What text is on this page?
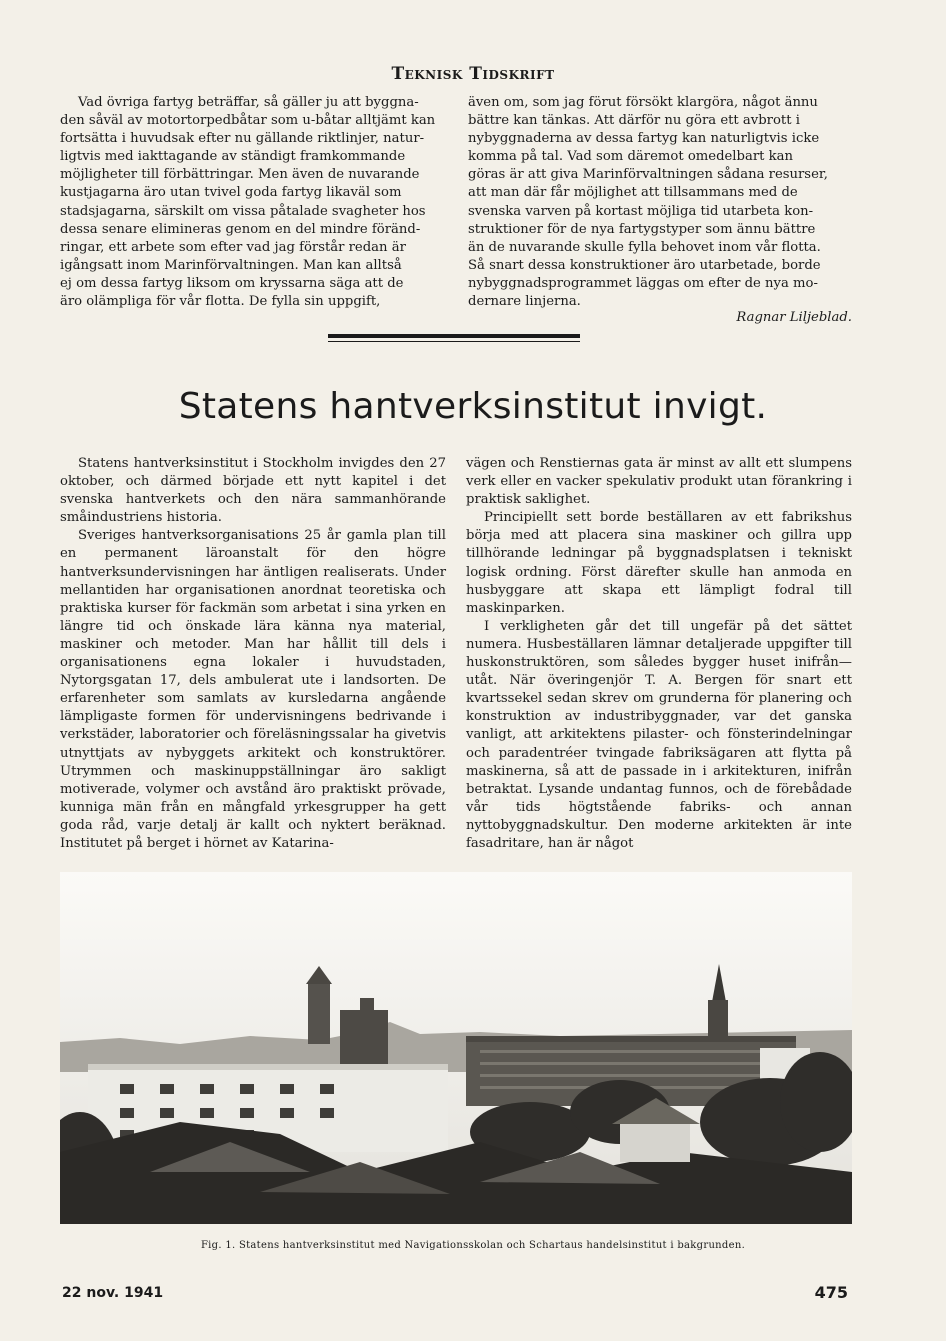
Teknisk Tidskrift
Vad övriga fartyg beträffar, så gäller ju att byggna-
den såväl av motortorpedbåtar som u-båtar alltjämt kan
fortsätta i huvudsak efter nu gällande riktlinjer, natur-
ligtvis med iakttagande av ständigt framkommande
möjligheter till förbättringar. Men även de nuvarande
kustjagarna äro utan tvivel goda fartyg likaväl som
stadsjagarna, särskilt om vissa påtalade svagheter hos
dessa senare elimineras genom en del mindre föränd-
ringar, ett arbete som efter vad jag förstår redan är
igångsatt inom Marinförvaltningen. Man kan alltså
ej om dessa fartyg liksom om kryssarna säga att de
äro olämpliga för vår flotta. De fylla sin uppgift,
även om, som jag förut försökt klargöra, något ännu
bättre kan tänkas. Att därför nu göra ett avbrott i
nybyggnaderna av dessa fartyg kan naturligtvis icke
komma på tal. Vad som däremot omedelbart kan
göras är att giva Marinförvaltningen sådana resurser,
att man där får möjlighet att tillsammans med de
svenska varven på kortast möjliga tid utarbeta kon-
struktioner för de nya fartygstyper som ännu bättre
än de nuvarande skulle fylla behovet inom vår flotta.
Så snart dessa konstruktioner äro utarbetade, borde
nybyggnadsprogrammet läggas om efter de nya mo-
dernare linjerna.
Ragnar Liljeblad.
Statens hantverksinstitut invigt.

Statens hantverksinstitut i Stockholm invigdes den 27 oktober, och därmed började ett nytt kapitel i det svenska hantverkets och den nära sammanhörande småindustriens historia.

Sveriges hantverksorganisations 25 år gamla plan till en permanent läroanstalt för den högre hantverksundervisningen har äntligen realiserats. Under mellantiden har organisationen anordnat teoretiska och praktiska kurser för fackmän som arbetat i sina yrken en längre tid och önskade lära känna nya material, maskiner och metoder. Man har hållit till dels i organisationens egna lokaler i huvudstaden, Nytorgsgatan 17, dels ambulerat ute i landsorten. De erfarenheter som samlats av kursledarna angående lämpligaste formen för undervisningens bedrivande i verkstäder, laboratorier och föreläsningssalar ha givetvis utnyttjats av nybyggets arkitekt och konstruktörer. Utrymmen och maskinuppställningar äro sakligt motiverade, volymer och avstånd äro praktiskt prövade, kunniga män från en mångfald yrkesgrupper ha gett goda råd, varje detalj är kallt och nyktert beräknad. Institutet på berget i hörnet av Katarina-

vägen och Renstiernas gata är minst av allt ett slumpens verk eller en vacker spekulativ produkt utan förankring i praktisk saklighet.

Principiellt sett borde beställaren av ett fabrikshus börja med att placera sina maskiner och gillra upp tillhörande ledningar på byggnadsplatsen i tekniskt logisk ordning. Först därefter skulle han anmoda en husbyggare att skapa ett lämpligt fodral till maskinparken.

I verkligheten går det till ungefär på det sättet numera. Husbeställaren lämnar detaljerade uppgifter till huskonstruktören, som således bygger huset inifrån—utåt. När överingenjör T. A. Bergen för snart ett kvartssekel sedan skrev om grunderna för planering och konstruktion av industribyggnader, var det ganska vanligt, att arkitektens pilaster- och fönsterindelningar och paradentréer tvingade fabriksägaren att flytta på maskinerna, så att de passade in i arkitekturen, inifrån betraktat. Lysande undantag funnos, och de förebådade vår tids högtstående fabriks- och annan nyttobyggnadskultur. Den moderne arkitekten är inte fasadritare, han är något

Fig. 1. Statens hantverksinstitut med Navigationsskolan och Schartaus handelsinstitut i bakgrunden.
22 nov. 1941	475
